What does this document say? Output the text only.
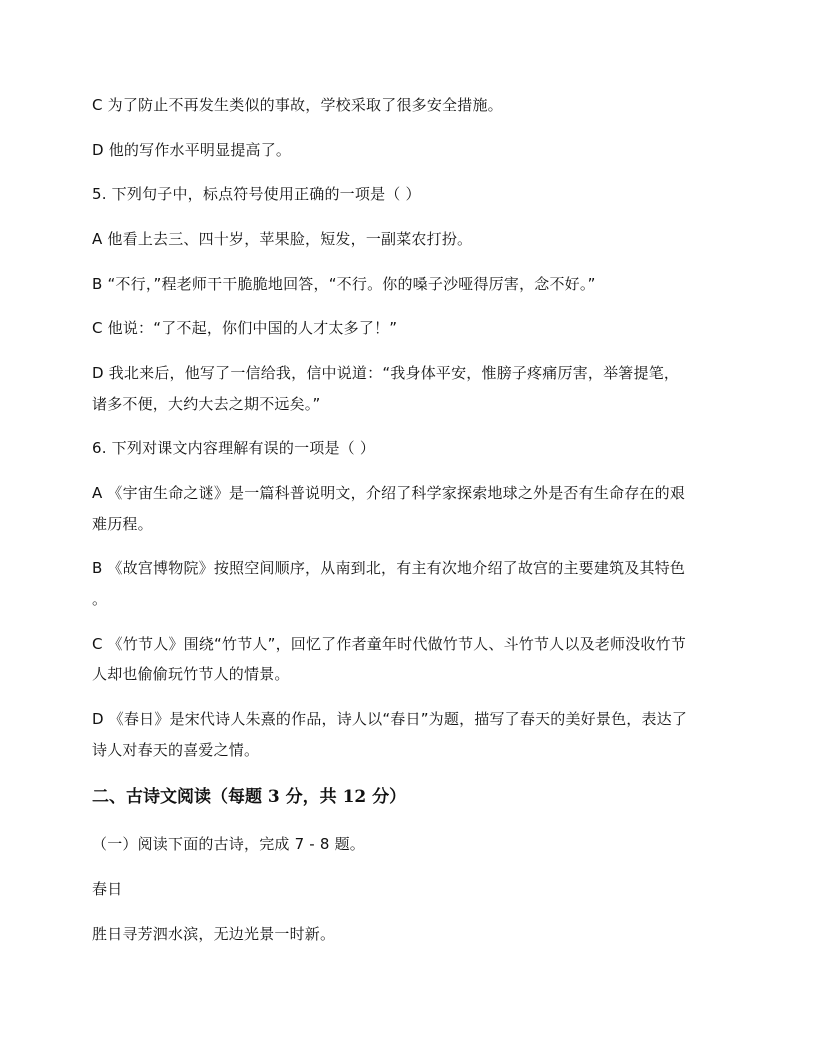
C 为了防止不再发生类似的事故，学校采取了很多安全措施。
D 他的写作水平明显提高了。
5. 下列句子中，标点符号使用正确的一项是（ ）
A 他看上去三、四十岁，苹果脸，短发，一副菜农打扮。
B “不行，”程老师干干脆脆地回答，“不行。你的嗓子沙哑得厉害，念不好。”
C 他说：“了不起，你们中国的人才太多了！”
D 我北来后，他写了一信给我，信中说道：“我身体平安，惟膀子疼痛厉害，举箸提笔，
诸多不便，大约大去之期不远矣。”
6. 下列对课文内容理解有误的一项是（ ）
A 《宇宙生命之谜》是一篇科普说明文，介绍了科学家探索地球之外是否有生命存在的艰
难历程。
B 《故宫博物院》按照空间顺序，从南到北，有主有次地介绍了故宫的主要建筑及其特色
。
C 《竹节人》围绕“竹节人”，回忆了作者童年时代做竹节人、斗竹节人以及老师没收竹节
人却也偷偷玩竹节人的情景。
D 《春日》是宋代诗人朱熹的作品，诗人以“春日”为题，描写了春天的美好景色，表达了
诗人对春天的喜爱之情。
二、古诗文阅读（每题 3 分，共 12 分）
（一）阅读下面的古诗，完成 7 - 8 题。
春日
胜日寻芳泗水滨，无边光景一时新。
